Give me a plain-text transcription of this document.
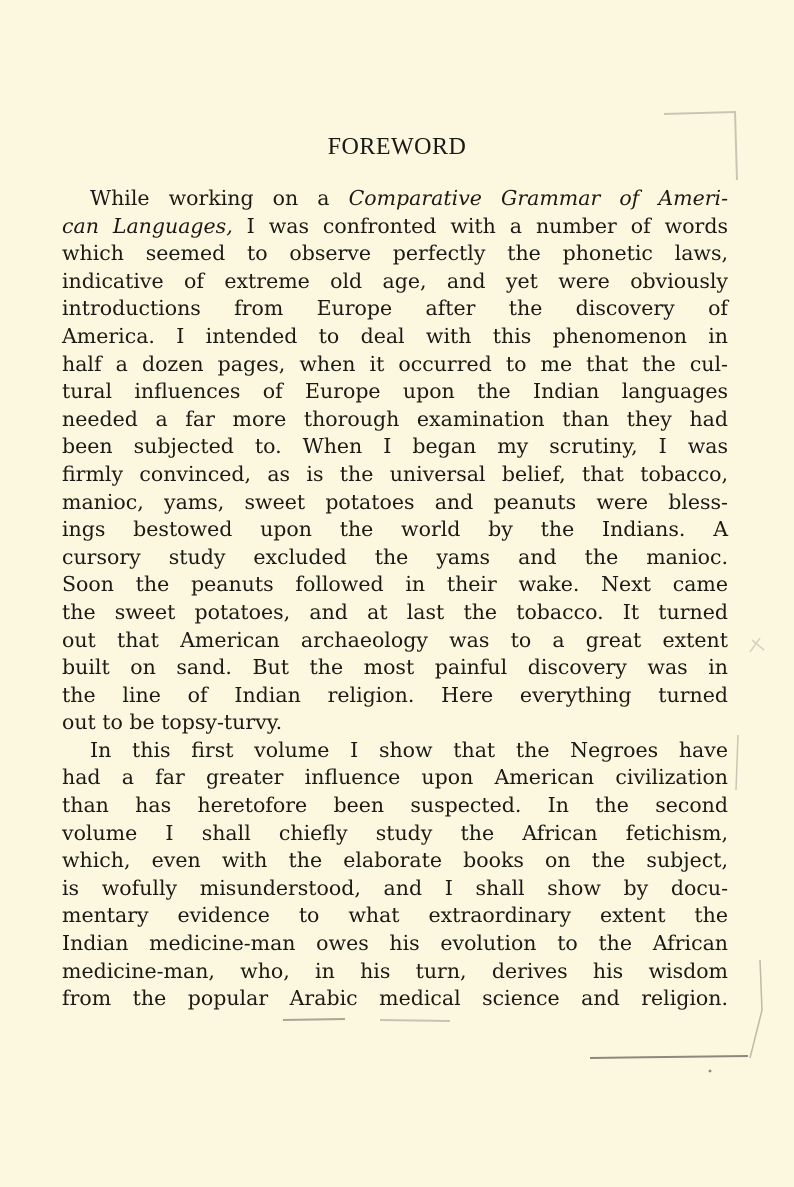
FOREWORD
While working on a Comparative Grammar of Ameri-
can Languages, I was confronted with a number of words
which seemed to observe perfectly the phonetic laws,
indicative of extreme old age, and yet were obviously
introductions from Europe after the discovery of
America. I intended to deal with this phenomenon in
half a dozen pages, when it occurred to me that the cul-
tural influences of Europe upon the Indian languages
needed a far more thorough examination than they had
been subjected to. When I began my scrutiny, I was
firmly convinced, as is the universal belief, that tobacco,
manioc, yams, sweet potatoes and peanuts were bless-
ings bestowed upon the world by the Indians. A
cursory study excluded the yams and the manioc.
Soon the peanuts followed in their wake. Next came
the sweet potatoes, and at last the tobacco. It turned
out that American archaeology was to a great extent
built on sand. But the most painful discovery was in
the line of Indian religion. Here everything turned
out to be topsy-turvy.
In this first volume I show that the Negroes have
had a far greater influence upon American civilization
than has heretofore been suspected. In the second
volume I shall chiefly study the African fetichism,
which, even with the elaborate books on the subject,
is wofully misunderstood, and I shall show by docu-
mentary evidence to what extraordinary extent the
Indian medicine-man owes his evolution to the African
medicine-man, who, in his turn, derives his wisdom
from the popular Arabic medical science and religion.
